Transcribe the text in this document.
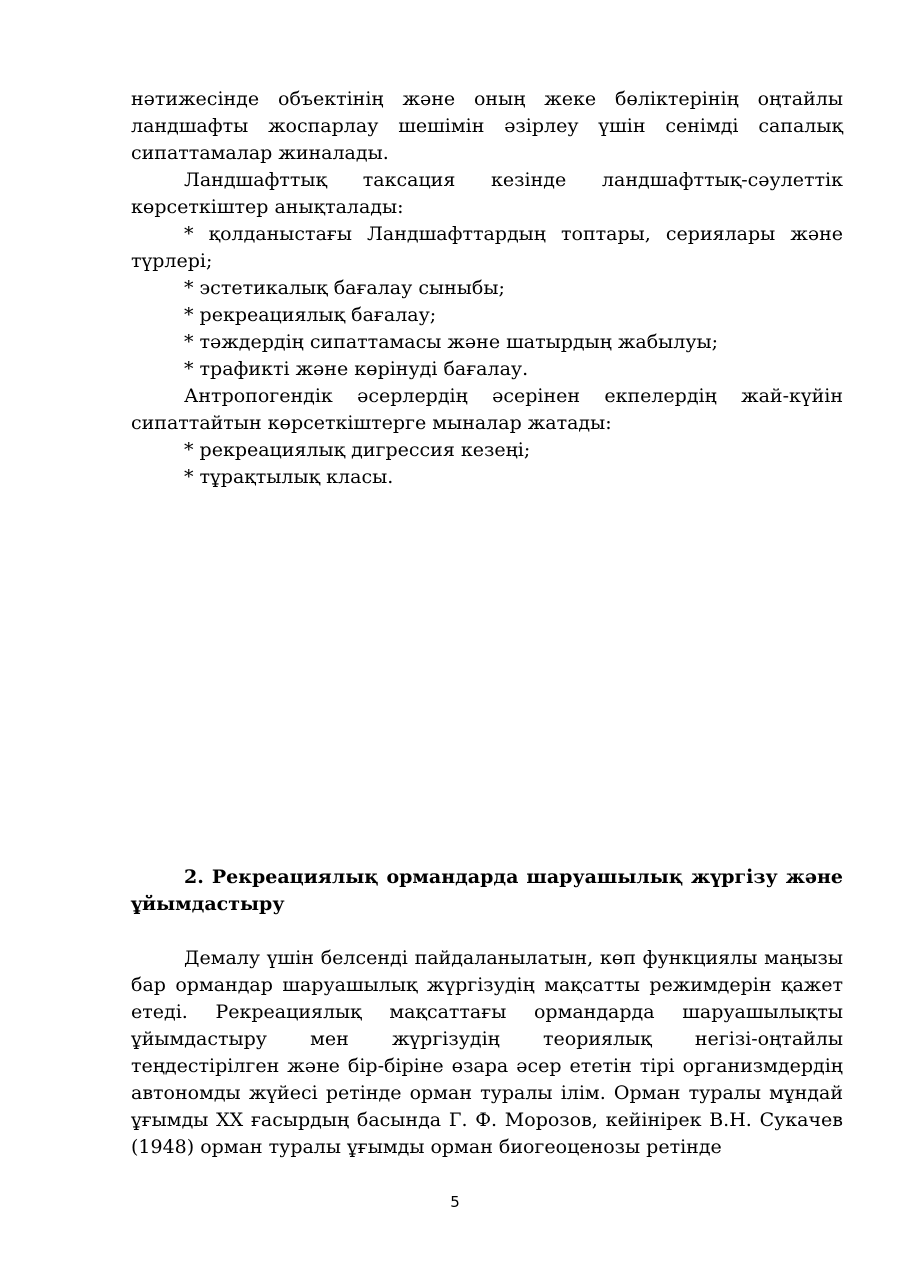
нәтижесінде объектінің және оның жеке бөліктерінің оңтайлы ландшафты жоспарлау шешімін әзірлеу үшін сенімді сапалық сипаттамалар жиналады.

Ландшафттық таксация кезінде ландшафттық-сәулеттік көрсеткіштер анықталады:

* қолданыстағы Ландшафттардың топтары, сериялары және түрлері;

* эстетикалық бағалау сыныбы;

* рекреациялық бағалау;

* тәждердің сипаттамасы және шатырдың жабылуы;

* трафикті және көрінуді бағалау.

Антропогендік әсерлердің әсерінен екпелердің жай-күйін сипаттайтын көрсеткіштерге мыналар жатады:

* рекреациялық дигрессия кезеңі;

* тұрақтылық класы.

2. Рекреациялық ормандарда шаруашылық жүргізу және ұйымдастыру

Демалу үшін белсенді пайдаланылатын, көп функциялы маңызы бар ормандар шаруашылық жүргізудің мақсатты режимдерін қажет етеді. Рекреациялық мақсаттағы ормандарда шаруашылықты ұйымдастыру мен жүргізудің теориялық негізі-оңтайлы теңдестірілген және бір-біріне өзара әсер ететін тірі организмдердің автономды жүйесі ретінде орман туралы ілім. Орман туралы мұндай ұғымды XX ғасырдың басында Г. Ф. Морозов, кейінірек В.Н. Сукачев (1948) орман туралы ұғымды орман биогеоценозы ретінде

5
